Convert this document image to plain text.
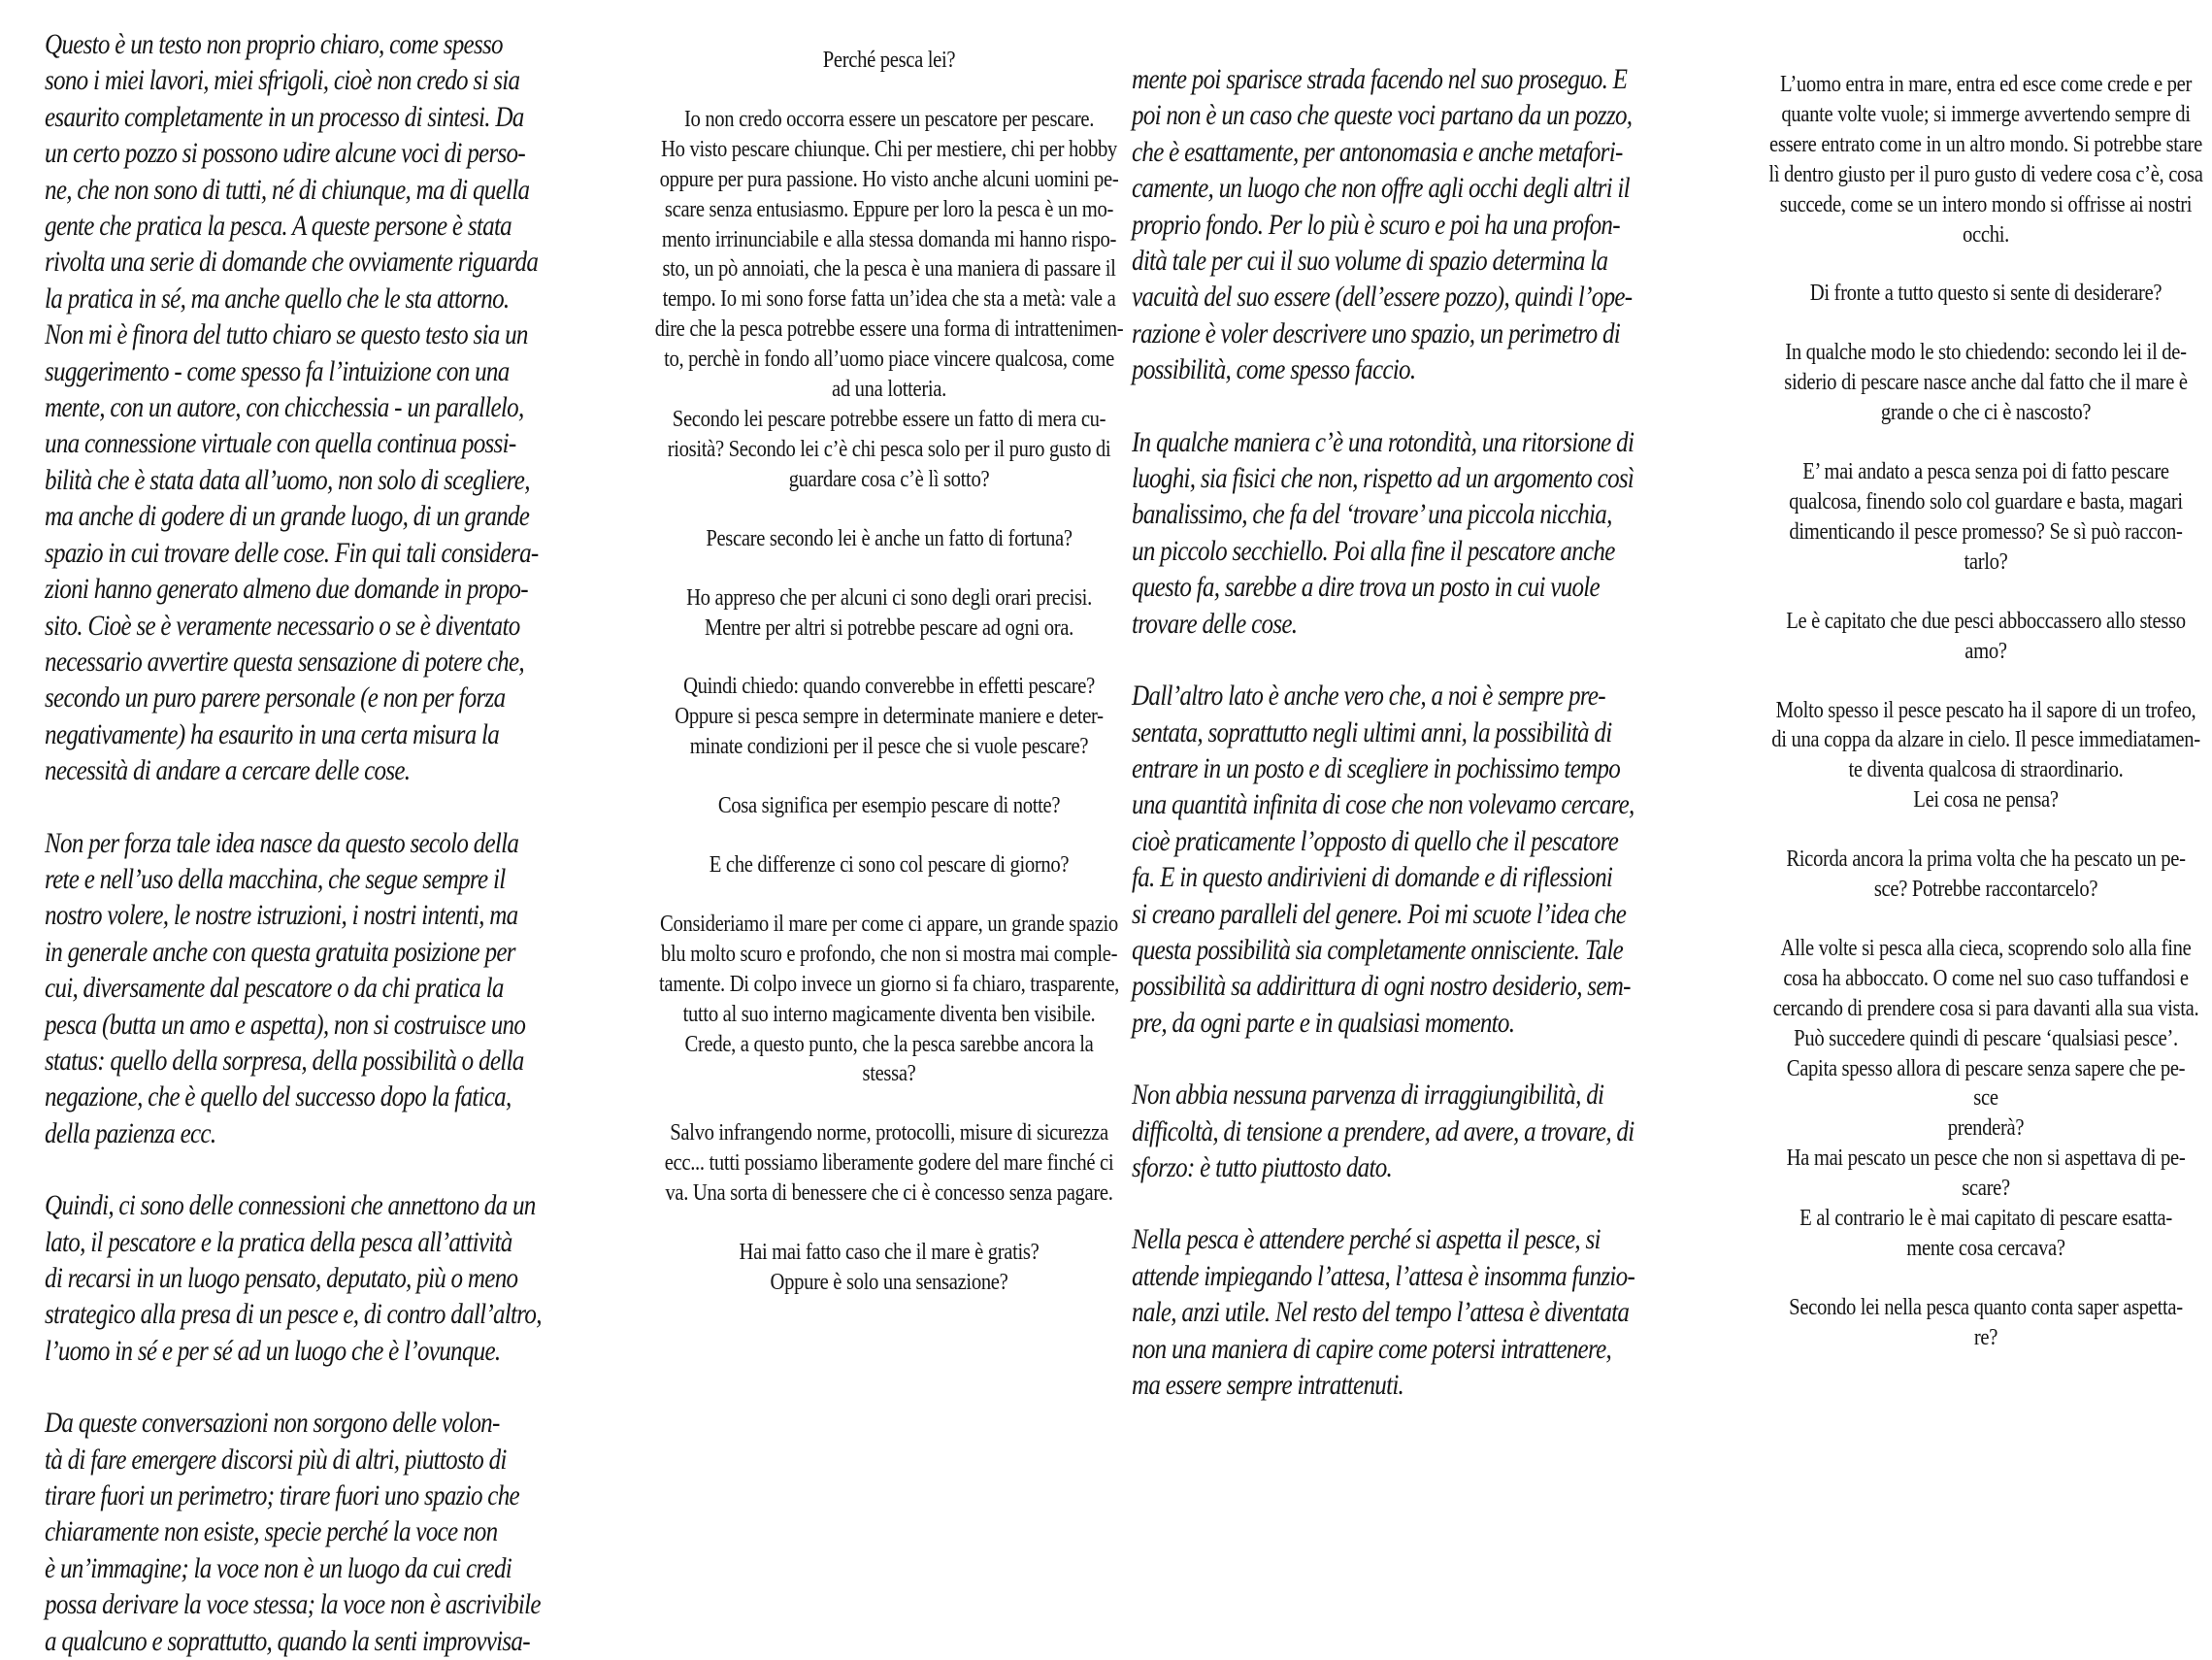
Questo è un testo non proprio chiaro, come spesso
sono i miei lavori, miei sfrigoli, cioè non credo si sia
esaurito completamente in un processo di sintesi. Da
un certo pozzo si possono udire alcune voci di perso-
ne, che non sono di tutti, né di chiunque, ma di quella
gente che pratica la pesca. A queste persone è stata
rivolta una serie di domande che ovviamente riguarda
la pratica in sé, ma anche quello che le sta attorno.
Non mi è finora del tutto chiaro se questo testo sia un
suggerimento - come spesso fa l’intuizione con una
mente, con un autore, con chicchessia - un parallelo,
una connessione virtuale con quella continua possi-
bilità che è stata data all’uomo, non solo di scegliere,
ma anche di godere di un grande luogo, di un grande
spazio in cui trovare delle cose. Fin qui tali considera-
zioni hanno generato almeno due domande in propo-
sito. Cioè se è veramente necessario o se è diventato
necessario avvertire questa sensazione di potere che,
secondo un puro parere personale (e non per forza
negativamente) ha esaurito in una certa misura la
necessità di andare a cercare delle cose.

Non per forza tale idea nasce da questo secolo della
rete e nell’uso della macchina, che segue sempre il
nostro volere, le nostre istruzioni, i nostri intenti, ma
in generale anche con questa gratuita posizione per
cui, diversamente dal pescatore o da chi pratica la
pesca (butta un amo e aspetta), non si costruisce uno
status: quello della sorpresa, della possibilità o della
negazione, che è quello del successo dopo la fatica,
della pazienza ecc.

Quindi, ci sono delle connessioni che annettono da un
lato, il pescatore e la pratica della pesca all’attività
di recarsi in un luogo pensato, deputato, più o meno
strategico alla presa di un pesce e, di contro dall’altro,
l’uomo in sé e per sé ad un luogo che è l’ovunque.

Da queste conversazioni non sorgono delle volon-
tà di fare emergere discorsi più di altri, piuttosto di
tirare fuori un perimetro; tirare fuori uno spazio che
chiaramente non esiste, specie perché la voce non
è un’immagine; la voce non è un luogo da cui credi
possa derivare la voce stessa; la voce non è ascrivibile
a qualcuno e soprattutto, quando la senti improvvisa-

Perché pesca lei?

Io non credo occorra essere un pescatore per pescare.
Ho visto pescare chiunque. Chi per mestiere, chi per hobby
oppure per pura passione. Ho visto anche alcuni uomini pe-
scare senza entusiasmo. Eppure per loro la pesca è un mo-
mento irrinunciabile e alla stessa domanda mi hanno rispo-
sto, un pò annoiati, che la pesca è una maniera di passare il
tempo. Io mi sono forse fatta un’idea che sta a metà: vale a
dire che la pesca potrebbe essere una forma di intrattenimen-
to, perchè in fondo all’uomo piace vincere qualcosa, come
ad una lotteria.

Secondo lei pescare potrebbe essere un fatto di mera cu-
riosità? Secondo lei c’è chi pesca solo per il puro gusto di
guardare cosa c’è lì sotto?

Pescare secondo lei è anche un fatto di fortuna?

Ho appreso che per alcuni ci sono degli orari precisi.
Mentre per altri si potrebbe pescare ad ogni ora.

Quindi chiedo: quando converebbe in effetti pescare?
Oppure si pesca sempre in determinate maniere e deter-
minate condizioni per il pesce che si vuole pescare?

Cosa significa per esempio pescare di notte?

E che differenze ci sono col pescare di giorno?

Consideriamo il mare per come ci appare, un grande spazio
blu molto scuro e profondo, che non si mostra mai comple-
tamente. Di colpo invece un giorno si fa chiaro, trasparente,
tutto al suo interno magicamente diventa ben visibile.

Crede, a questo punto, che la pesca sarebbe ancora la
stessa?

Salvo infrangendo norme, protocolli, misure di sicurezza
ecc... tutti possiamo liberamente godere del mare finché ci
va. Una sorta di benessere che ci è concesso senza pagare.

Hai mai fatto caso che il mare è gratis?
Oppure è solo una sensazione?

mente poi sparisce strada facendo nel suo proseguo. E
poi non è un caso che queste voci partano da un pozzo,
che è esattamente, per antonomasia e anche metafori-
camente, un luogo che non offre agli occhi degli altri il
proprio fondo. Per lo più è scuro e poi ha una profon-
dità tale per cui il suo volume di spazio determina la
vacuità del suo essere (dell’essere pozzo), quindi l’ope-
razione è voler descrivere uno spazio, un perimetro di
possibilità, come spesso faccio.

In qualche maniera c’è una rotondità, una ritorsione di
luoghi, sia fisici che non, rispetto ad un argomento così
banalissimo, che fa del ‘trovare’ una piccola nicchia,
un piccolo secchiello. Poi alla fine il pescatore anche
questo fa, sarebbe a dire trova un posto in cui vuole
trovare delle cose.

Dall’altro lato è anche vero che, a noi è sempre pre-
sentata, soprattutto negli ultimi anni, la possibilità di
entrare in un posto e di scegliere in pochissimo tempo
una quantità infinita di cose che non volevamo cercare,
cioè praticamente l’opposto di quello che il pescatore
fa. E in questo andirivieni di domande e di riflessioni
si creano paralleli del genere. Poi mi scuote l’idea che
questa possibilità sia completamente onnisciente. Tale
possibilità sa addirittura di ogni nostro desiderio, sem-
pre, da ogni parte e in qualsiasi momento.

Non abbia nessuna parvenza di irraggiungibilità, di
difficoltà, di tensione a prendere, ad avere, a trovare, di
sforzo: è tutto piuttosto dato.

Nella pesca è attendere perché si aspetta il pesce, si
attende impiegando l’attesa, l’attesa è insomma funzio-
nale, anzi utile. Nel resto del tempo l’attesa è diventata
non una maniera di capire come potersi intrattenere,
ma essere sempre intrattenuti.

L’uomo entra in mare, entra ed esce come crede e per
quante volte vuole; si immerge avvertendo sempre di
essere entrato come in un altro mondo. Si potrebbe stare
lì dentro giusto per il puro gusto di vedere cosa c’è, cosa
succede, come se un intero mondo si offrisse ai nostri
occhi.

Di fronte a tutto questo si sente di desiderare?

In qualche modo le sto chiedendo: secondo lei il de-
siderio di pescare nasce anche dal fatto che il mare è
grande o che ci è nascosto?

E’ mai andato a pesca senza poi di fatto pescare
qualcosa, finendo solo col guardare e basta, magari
dimenticando il pesce promesso? Se sì può raccon-
tarlo?

Le è capitato che due pesci abboccassero allo stesso
amo?

Molto spesso il pesce pescato ha il sapore di un trofeo,
di una coppa da alzare in cielo. Il pesce immediatamen-
te diventa qualcosa di straordinario.

Lei cosa ne pensa?

Ricorda ancora la prima volta che ha pescato un pe-
sce? Potrebbe raccontarcelo?

Alle volte si pesca alla cieca, scoprendo solo alla fine
cosa ha abboccato. O come nel suo caso tuffandosi e
cercando di prendere cosa si para davanti alla sua vista.
Può succedere quindi di pescare ‘qualsiasi pesce’.

Capita spesso allora di pescare senza sapere che pe-
sce
prenderà?
Ha mai pescato un pesce che non si aspettava di pe-
scare?
E al contrario le è mai capitato di pescare esatta-
mente cosa cercava?

Secondo lei nella pesca quanto conta saper aspetta-
re?
